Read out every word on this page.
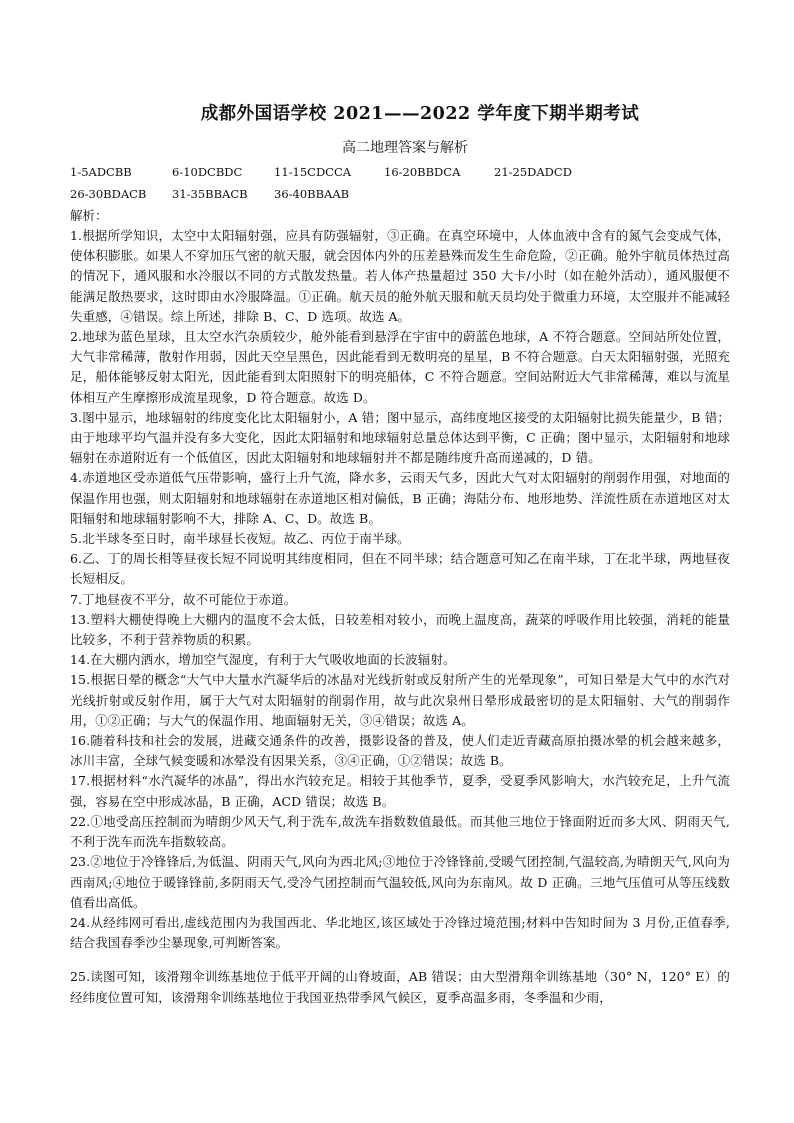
成都外国语学校 2021——2022 学年度下期半期考试
高二地理答案与解析
1-5ADCBB	6-10DCBDC	11-15CDCCA	16-20BBDCA	21-25DADCD
26-30BDACB	31-35BBACB	36-40BBAAB
解析：

1.根据所学知识，太空中太阳辐射强，应具有防强辐射，③正确。在真空环境中，人体血液中含有的氮气会变成气体，使体积膨胀。如果人不穿加压气密的航天服，就会因体内外的压差悬殊而发生生命危险，②正确。舱外宇航员体热过高的情况下，通风服和水冷服以不同的方式散发热量。若人体产热量超过 350 大卡/小时（如在舱外活动），通风服便不能满足散热要求，这时即由水冷服降温。①正确。航天员的舱外航天服和航天员均处于微重力环境，太空服并不能减轻失重感，④错误。综上所述，排除 B、C、D 选项。故选 A。

2.地球为蓝色星球，且太空水汽杂质较少，舱外能看到悬浮在宇宙中的蔚蓝色地球，A 不符合题意。空间站所处位置，大气非常稀薄，散射作用弱，因此天空呈黑色，因此能看到无数明亮的星星，B 不符合题意。白天太阳辐射强，光照充足，船体能够反射太阳光，因此能看到太阳照射下的明亮船体，C 不符合题意。空间站附近大气非常稀薄，难以与流星体相互产生摩擦形成流星现象，D 符合题意。故选 D。

3.图中显示，地球辐射的纬度变化比太阳辐射小，A 错；图中显示，高纬度地区接受的太阳辐射比损失能量少，B 错；由于地球平均气温并没有多大变化，因此太阳辐射和地球辐射总量总体达到平衡，C 正确；图中显示，太阳辐射和地球辐射在赤道附近有一个低值区，因此太阳辐射和地球辐射并不都是随纬度升高而递减的，D 错。

4.赤道地区受赤道低气压带影响，盛行上升气流，降水多，云雨天气多，因此大气对太阳辐射的削弱作用强，对地面的保温作用也强，则太阳辐射和地球辐射在赤道地区相对偏低，B 正确；海陆分布、地形地势、洋流性质在赤道地区对太阳辐射和地球辐射影响不大，排除 A、C、D。故选 B。

5.北半球冬至日时，南半球昼长夜短。故乙、丙位于南半球。

6.乙、丁的周长相等昼夜长短不同说明其纬度相同，但在不同半球；结合题意可知乙在南半球，丁在北半球，两地昼夜长短相反。

7.丁地昼夜不平分，故不可能位于赤道。

13.塑料大棚使得晚上大棚内的温度不会太低，日较差相对较小，而晚上温度高，蔬菜的呼吸作用比较强，消耗的能量比较多，不利于营养物质的积累。

14.在大棚内洒水，增加空气湿度，有利于大气吸收地面的长波辐射。

15.根据日晕的概念“大气中大量水汽凝华后的冰晶对光线折射或反射所产生的光晕现象”，可知日晕是大气中的水汽对光线折射或反射作用，属于大气对太阳辐射的削弱作用，故与此次泉州日晕形成最密切的是太阳辐射、大气的削弱作用，①②正确；与大气的保温作用、地面辐射无关，③④错误；故选 A。

16.随着科技和社会的发展，进藏交通条件的改善，摄影设备的普及，使人们走近青藏高原拍摄冰晕的机会越来越多，冰川丰富，全球气候变暖和冰晕没有因果关系，③④正确，①②错误；故选 B。

17.根据材料“水汽凝华的冰晶”，得出水汽较充足。相较于其他季节，夏季，受夏季风影响大，水汽较充足，上升气流强，容易在空中形成冰晶，B 正确，ACD 错误；故选 B。

22.①地受高压控制而为晴朗少风天气,利于洗车,故洗车指数数值最低。而其他三地位于锋面附近而多大风、阴雨天气,不利于洗车而洗车指数较高。

23.②地位于冷锋锋后,为低温、阴雨天气,风向为西北风;③地位于冷锋锋前,受暖气团控制,气温较高,为晴朗天气,风向为西南风;④地位于暖锋锋前,多阴雨天气,受冷气团控制而气温较低,风向为东南风。故 D 正确。三地气压值可从等压线数值看出高低。

24.从经纬网可看出,虚线范围内为我国西北、华北地区,该区域处于冷锋过境范围;材料中告知时间为 3 月份,正值春季,结合我国春季沙尘暴现象,可判断答案。

25.读图可知，该滑翔伞训练基地位于低平开阔的山脊坡面，AB 错误；由大型滑翔伞训练基地（30° N，120° E）的经纬度位置可知，该滑翔伞训练基地位于我国亚热带季风气候区，夏季高温多雨，冬季温和少雨，
